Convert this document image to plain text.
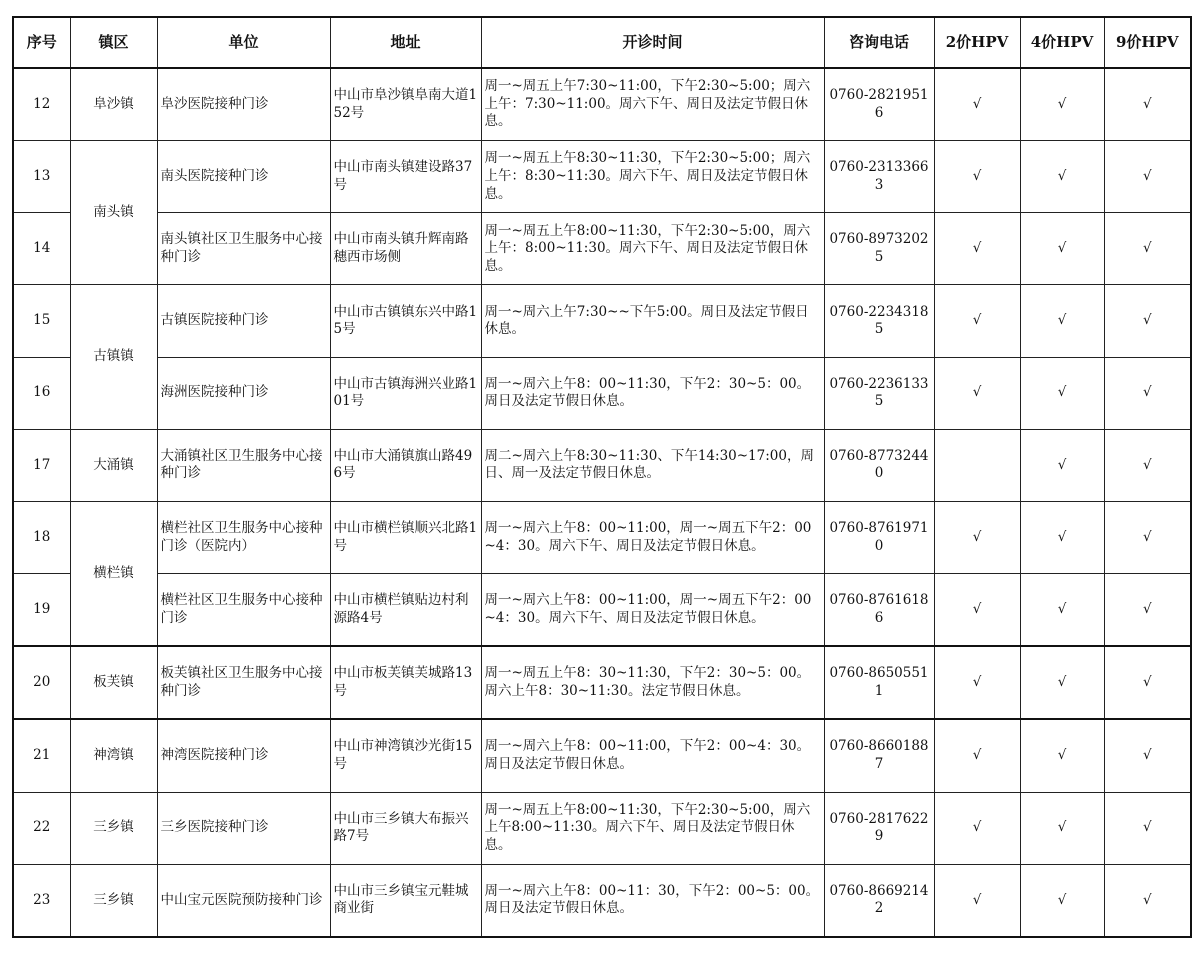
序号	镇区	单位	地址	开诊时间	咨询电话	2价HPV	4价HPV	9价HPV
12	阜沙镇	阜沙医院接种门诊	中山市阜沙镇阜南大道152号	周一~周五上午7:30~11:00，下午2:30~5:00；周六上午：7:30~11:00。周六下午、周日及法定节假日休息。	0760-28219516	√	√	√
13	南头镇	南头医院接种门诊	中山市南头镇建设路37号	周一~周五上午8:30~11:30，下午2:30~5:00；周六上午：8:30~11:30。周六下午、周日及法定节假日休息。	0760-23133663	√	√	√
14		南头镇社区卫生服务中心接种门诊	中山市南头镇升辉南路穗西市场侧	周一~周五上午8:00~11:30，下午2:30~5:00，周六上午：8:00~11:30。周六下午、周日及法定节假日休息。	0760-89732025	√	√	√
15	古镇镇	古镇医院接种门诊	中山市古镇镇东兴中路15号	周一~周六上午7:30~~下午5:00。周日及法定节假日休息。	0760-22343185	√	√	√
16		海洲医院接种门诊	中山市古镇海洲兴业路101号	周一~周六上午8：00~11:30，下午2：30~5：00。周日及法定节假日休息。	0760-22361335	√	√	√
17	大涌镇	大涌镇社区卫生服务中心接种门诊	中山市大涌镇旗山路496号	周二~周六上午8:30~11:30、下午14:30~17:00，周日、周一及法定节假日休息。	0760-87732440		√	√
18	横栏镇	横栏社区卫生服务中心接种门诊（医院内）	中山市横栏镇顺兴北路1号	周一~周六上午8：00~11:00，周一~周五下午2：00~4：30。周六下午、周日及法定节假日休息。	0760-87619710	√	√	√
19		横栏社区卫生服务中心接种门诊	中山市横栏镇贴边村利源路4号	周一~周六上午8：00~11:00，周一~周五下午2：00~4：30。周六下午、周日及法定节假日休息。	0760-87616186	√	√	√
20	板芙镇	板芙镇社区卫生服务中心接种门诊	中山市板芙镇芙城路13号	周一~周五上午8：30~11:30，下午2：30~5：00。周六上午8：30~11:30。法定节假日休息。	0760-86505511	√	√	√
21	神湾镇	神湾医院接种门诊	中山市神湾镇沙光街15号	周一~周六上午8：00~11:00，下午2：00~4：30。周日及法定节假日休息。	0760-86601887	√	√	√
22	三乡镇	三乡医院接种门诊	中山市三乡镇大布振兴路7号	周一~周五上午8:00~11:30，下午2:30~5:00，周六上午8:00~11:30。周六下午、周日及法定节假日休息。	0760-28176229	√	√	√
23	三乡镇	中山宝元医院预防接种门诊	中山市三乡镇宝元鞋城商业街	周一~周六上午8：00~11：30，下午2：00~5：00。周日及法定节假日休息。	0760-86692142	√	√	√
